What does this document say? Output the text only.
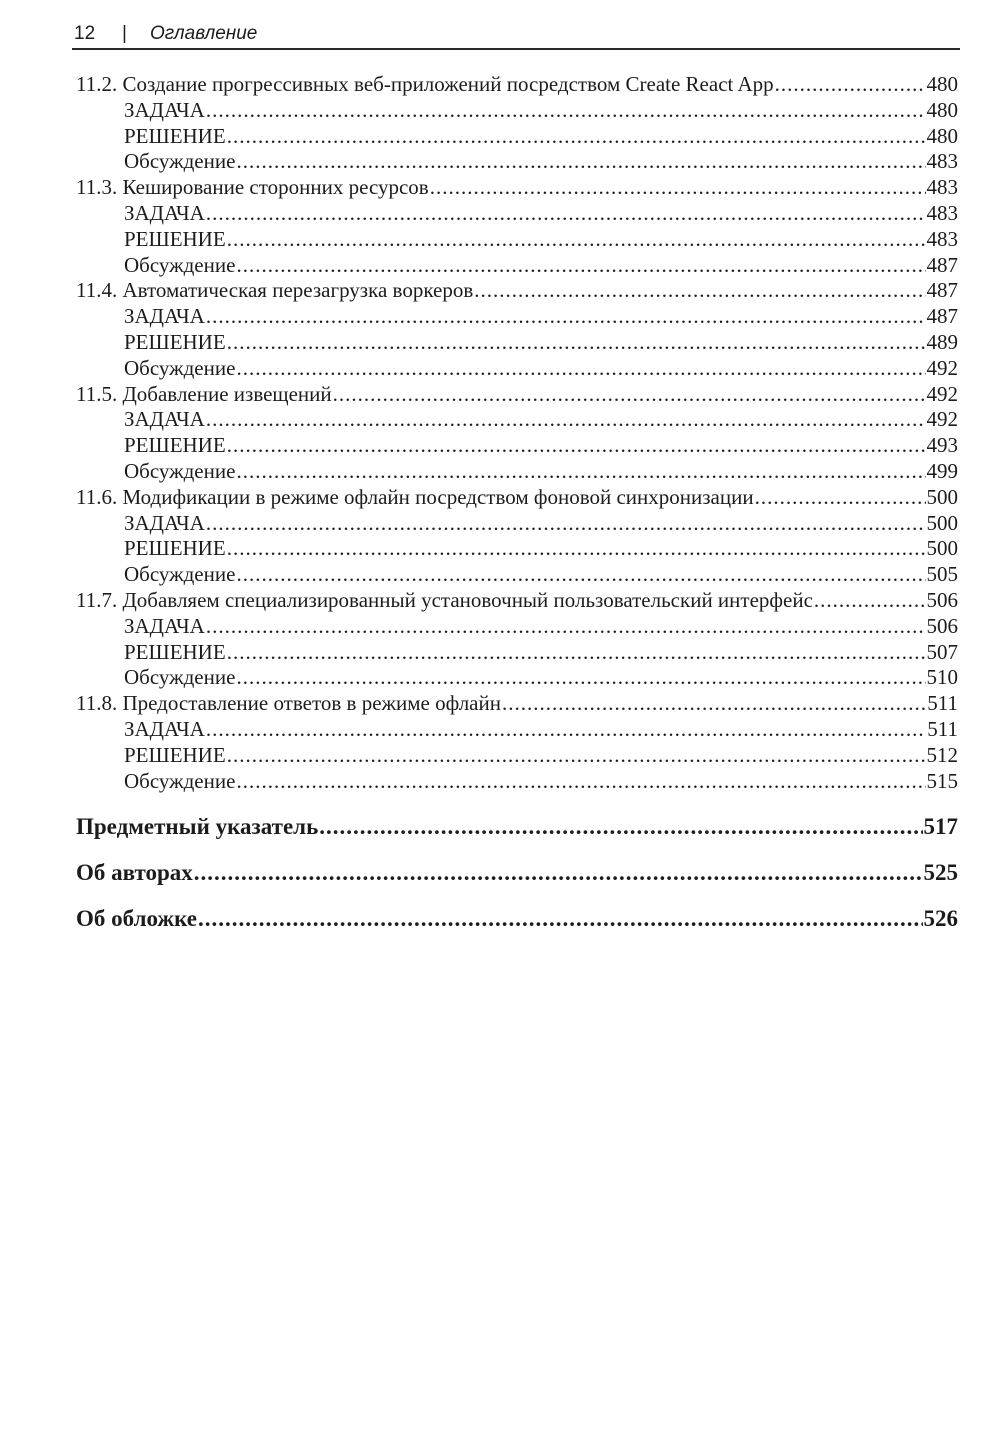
12 | Оглавление
11.2. Создание прогрессивных веб-приложений посредством Create React App .....	480
ЗАДАЧА .....	480
РЕШЕНИЕ .....	480
Обсуждение .....	483
11.3. Кеширование сторонних ресурсов .....	483
ЗАДАЧА .....	483
РЕШЕНИЕ .....	483
Обсуждение .....	487
11.4. Автоматическая перезагрузка воркеров .....	487
ЗАДАЧА .....	487
РЕШЕНИЕ .....	489
Обсуждение .....	492
11.5. Добавление извещений .....	492
ЗАДАЧА .....	492
РЕШЕНИЕ .....	493
Обсуждение .....	499
11.6. Модификации в режиме офлайн посредством фоновой синхронизации .....	500
ЗАДАЧА .....	500
РЕШЕНИЕ .....	500
Обсуждение .....	505
11.7. Добавляем специализированный установочный пользовательский интерфейс .....	506
ЗАДАЧА .....	506
РЕШЕНИЕ .....	507
Обсуждение .....	510
11.8. Предоставление ответов в режиме офлайн .....	511
ЗАДАЧА .....	511
РЕШЕНИЕ .....	512
Обсуждение .....	515
Предметный указатель .....	517
Об авторах .....	525
Об обложке .....	526
